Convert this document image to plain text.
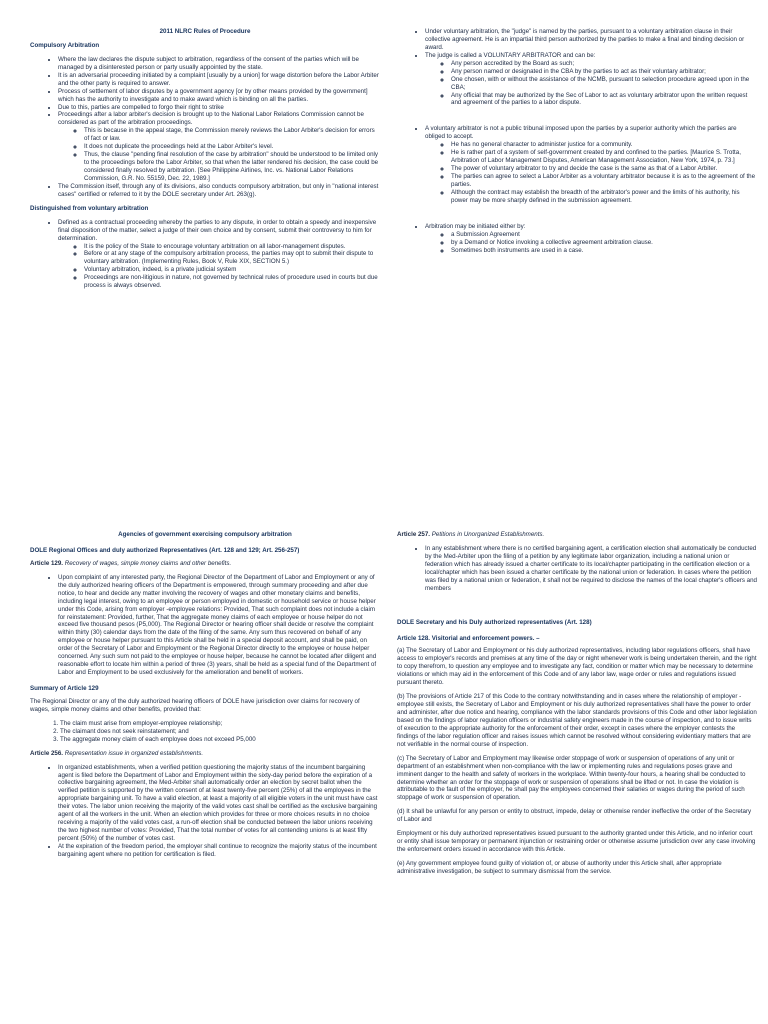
2011 NLRC Rules of Procedure
Compulsory Arbitration
• Where the law declares the dispute subject to arbitration, regardless of the consent of the parties which will be managed by a disinterested person or party usually appointed by the state.
• It is an adversarial proceeding initiated by a complaint [usually by a union] for wage distortion before the Labor Arbiter and the other party is required to answer.
• Process of settlement of labor disputes by a government agency [or by other means provided by the government] which has the authority to investigate and to make award which is binding on all the parties.
• Due to this, parties are compelled to forgo their right to strike
• Proceedings after a labor arbiter's decision is brought up to the National Labor Relations Commission cannot be considered as part of the arbitration proceedings.
◦ This is because in the appeal stage, the Commission merely reviews the Labor Arbiter's decision for errors of fact or law.
◦ It does not duplicate the proceedings held at the Labor Arbiter's level.
◦ Thus, the clause "pending final resolution of the case by arbitration" should be understood to be limited only to the proceedings before the Labor Arbiter, so that when the latter rendered his decision, the case could be considered finally resolved by arbitration. [See Philippine Airlines, Inc. vs. National Labor Relations Commission, G.R. No. 55159, Dec. 22, 1989.]
• The Commission itself, through any of its divisions, also conducts compulsory arbitration, but only in "national interest cases" certified or referred to it by the DOLE secretary under Art. 263(g).
Distinguished from voluntary arbitration
• Defined as a contractual proceeding whereby the parties to any dispute, in order to obtain a speedy and inexpensive final disposition of the matter, select a judge of their own choice and by consent, submit their controversy to him for determination.
◦ It is the policy of the State to encourage voluntary arbitration on all labor-management disputes.
◦ Before or at any stage of the compulsory arbitration process, the parties may opt to submit their dispute to voluntary arbitration. (Implementing Rules, Book V, Rule XIX, SECTION 5.)
◦ Voluntary arbitration, indeed, is a private judicial system
◦ Proceedings are non-litigious in nature, not governed by technical rules of procedure used in courts but due process is always observed.
• Under voluntary arbitration, the "judge" is named by the parties, pursuant to a voluntary arbitration clause in their collective agreement. He is an impartial third person authorized by the parties to make a final and binding decision or award.
• The judge is called a VOLUNTARY ARBITRATOR and can be:
◦ Any person accredited by the Board as such;
◦ Any person named or designated in the CBA by the parties to act as their voluntary arbitrator;
◦ One chosen, with or without the assistance of the NCMB, pursuant to selection procedure agreed upon in the CBA;
◦ Any official that may be authorized by the Sec of Labor to act as voluntary arbitrator upon the written request and agreement of the parties to a labor dispute.
• A voluntary arbitrator is not a public tribunal imposed upon the parties by a superior authority which the parties are obliged to accept.
◦ He has no general character to administer justice for a community.
◦ He is rather part of a system of self-government created by and confined to the parties. [Maurice S. Trotta, Arbitration of Labor Management Disputes, American Management Association, New York, 1974, p. 73.]
◦ The power of voluntary arbitrator to try and decide the case is the same as that of a Labor Arbiter.
◦ The parties can agree to select a Labor Arbiter as a voluntary arbitrator because it is as to the agreement of the parties.
◦ Although the contract may establish the breadth of the arbitrator's power and the limits of his authority, his power may be more sharply defined in the submission agreement.
• Arbitration may be initiated either by:
◦ a Submission Agreement
◦ by a Demand or Notice invoking a collective agreement arbitration clause.
◦ Sometimes both instruments are used in a case.
Agencies of government exercising compulsory arbitration
DOLE Regional Offices and duly authorized Representatives (Art. 128 and 129; Art. 256-257)

Article 129. Recovery of wages, simple money claims and other benefits.

• Upon complaint of any interested party, the Regional Director of the Department of Labor and Employment or any of the duly authorized hearing officers of the Department is empowered, through summary proceeding and after due notice, to hear and decide any matter involving the recovery of wages and other monetary claims and benefits, including legal interest, owing to an employee or person employed in domestic or household service or house helper under this Code, arising from employer -employee relations: Provided, That such complaint does not include a claim for reinstatement: Provided, further, That the aggregate money claims of each employee or house helper do not exceed five thousand pesos (P5,000). The Regional Director or hearing officer shall decide or resolve the complaint within thirty (30) calendar days from the date of the filing of the same. Any sum thus recovered on behalf of any employee or house helper pursuant to this Article shall be held in a special deposit account, and shall be paid, on order of the Secretary of Labor and Employment or the Regional Director directly to the employee or house helper concerned. Any such sum not paid to the employee or house helper, because he cannot be located after diligent and reasonable effort to locate him within a period of three (3) years, shall be held as a special fund of the Department of Labor and Employment to be used exclusively for the amelioration and benefit of workers.
Summary of Article 129

The Regional Director or any of the duly authorized hearing officers of DOLE have jurisdiction over claims for recovery of wages, simple money claims and other benefits, provided that:

1. The claim must arise from employer-employee relationship;
2. The claimant does not seek reinstatement; and
3. The aggregate money claim of each employee does not exceed P5,000

Article 256. Representation issue in organized establishments.

• In organized establishments, when a verified petition questioning the majority status of the incumbent bargaining agent is filed before the Department of Labor and Employment within the sixty-day period before the expiration of a collective bargaining agreement, the Med-Arbiter shall automatically order an election by secret ballot when the verified petition is supported by the written consent of at least twenty-five percent (25%) of all the employees in the appropriate bargaining unit. To have a valid election, at least a majority of all eligible voters in the unit must have cast their votes. The labor union receiving the majority of the valid votes cast shall be certified as the exclusive bargaining agent of all the workers in the unit. When an election which provides for three or more choices results in no choice receiving a majority of the valid votes cast, a run-off election shall be conducted between the labor unions receiving the two highest number of votes: Provided, That the total number of votes for all contending unions is at least fifty percent (50%) of the number of votes cast.
• At the expiration of the freedom period, the employer shall continue to recognize the majority status of the incumbent bargaining agent where no petition for certification is filed.

Article 257. Petitions in Unorganized Establishments.

• In any establishment where there is no certified bargaining agent, a certification election shall automatically be conducted by the Med-Arbiter upon the filing of a petition by any legitimate labor organization, including a national union or federation which has already issued a charter certificate to its local/chapter participating in the certification election or a local/chapter which has been issued a charter certificate by the national union or federation. In cases where the petition was filed by a national union or federation, it shall not be required to disclose the names of the local chapter's officers and members
DOLE Secretary and his Duly authorized representatives (Art. 128)
Article 128. Visitorial and enforcement powers. –

(a) The Secretary of Labor and Employment or his duly authorized representatives, including labor regulations officers, shall have access to employer's records and premises at any time of the day or night whenever work is being undertaken therein, and the right to copy therefrom, to question any employee and to investigate any fact, condition or matter which may be necessary to determine violations or which may aid in the enforcement of this Code and of any labor law, wage order or rules and regulations issued pursuant thereto.

(b) The provisions of Article 217 of this Code to the contrary notwithstanding and in cases where the relationship of employer -employee still exists, the Secretary of Labor and Employment or his duly authorized representatives shall have the power to order and administer, after due notice and hearing, compliance with the labor standards provisions of this Code and other labor legislation based on the findings of labor regulation officers or industrial safety engineers made in the course of inspection, and to issue writs of execution to the appropriate authority for the enforcement of their order, except in cases where the employer contests the findings of the labor regulation officer and raises issues which cannot be resolved without considering evidentiary matters that are not verifiable in the normal course of inspection.

(c) The Secretary of Labor and Employment may likewise order stoppage of work or suspension of operations of any unit or department of an establishment when non-compliance with the law or implementing rules and regulations poses grave and imminent danger to the health and safety of workers in the workplace. Within twenty-four hours, a hearing shall be conducted to determine whether an order for the stoppage of work or suspension of operations shall be lifted or not. In case the violation is attributable to the fault of the employer, he shall pay the employees concerned their salaries or wages during the period of such stoppage of work or suspension of operation.

(d) It shall be unlawful for any person or entity to obstruct, impede, delay or otherwise render ineffective the order of the Secretary of Labor and

Employment or his duly authorized representatives issued pursuant to the authority granted under this Article, and no inferior court or entity shall issue temporary or permanent injunction or restraining order or otherwise assume jurisdiction over any case involving the enforcement orders issued in accordance with this Article.

(e) Any government employee found guilty of violation of, or abuse of authority under this Article shall, after appropriate administrative investigation, be subject to summary dismissal from the service.
